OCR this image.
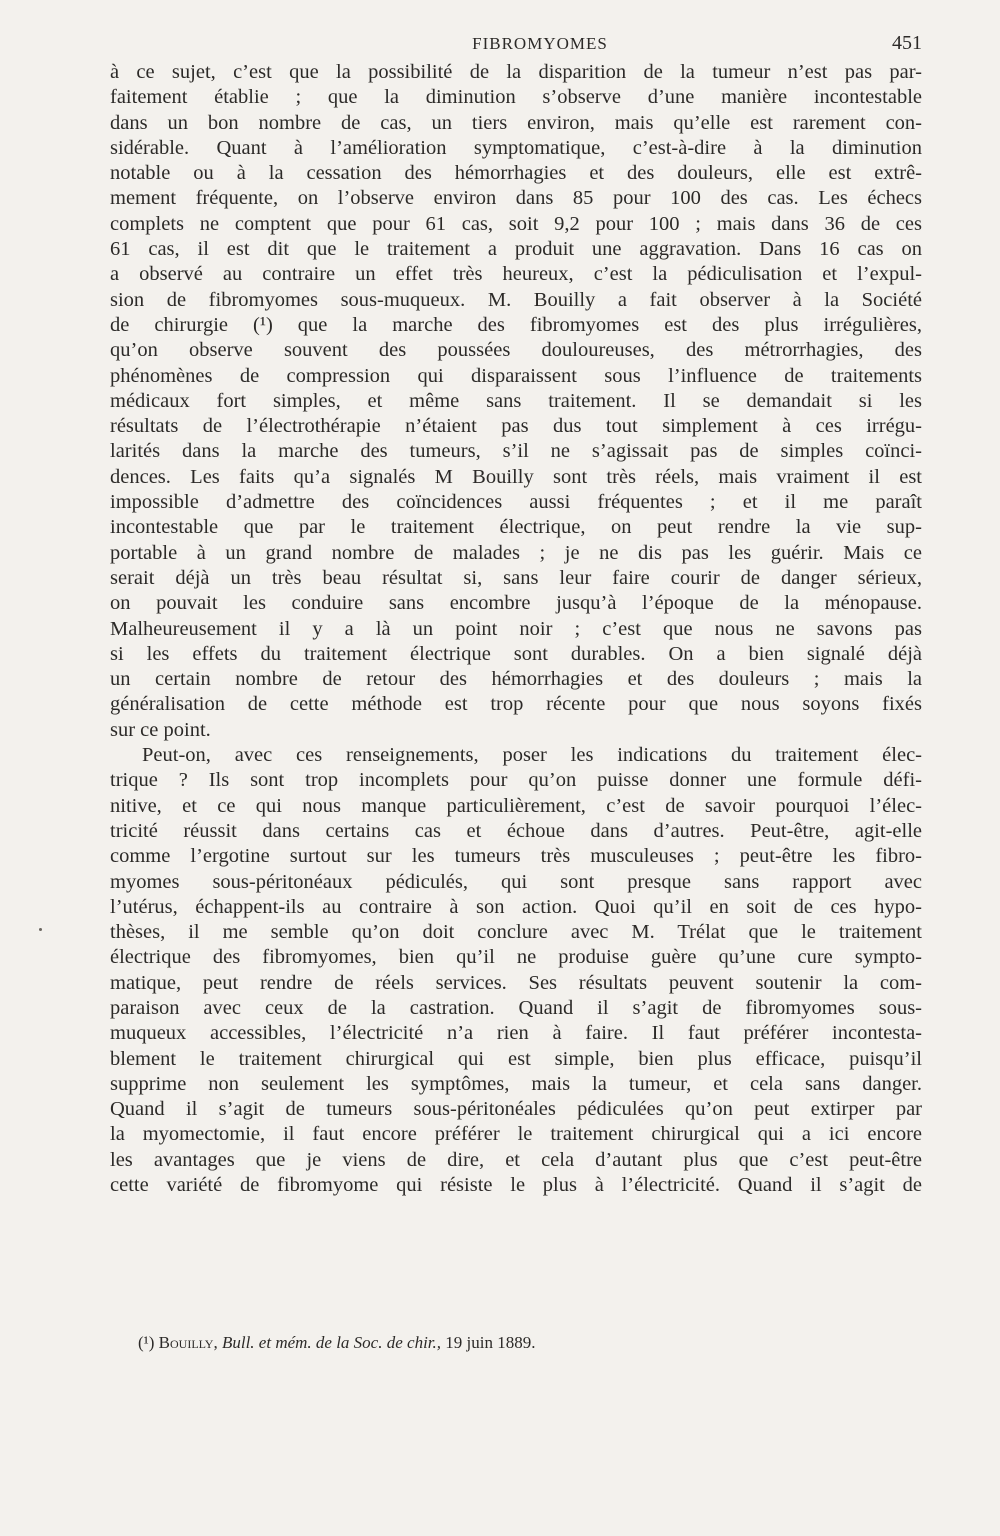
FIBROMYOMES	451
à ce sujet, c’est que la possibilité de la disparition de la tumeur n’est pas par-
faitement établie ; que la diminution s’observe d’une manière incontestable
dans un bon nombre de cas, un tiers environ, mais qu’elle est rarement con-
sidérable. Quant à l’amélioration symptomatique, c’est-à-dire à la diminution
notable ou à la cessation des hémorrhagies et des douleurs, elle est extrê-
mement fréquente, on l’observe environ dans 85 pour 100 des cas. Les échecs
complets ne comptent que pour 61 cas, soit 9,2 pour 100 ; mais dans 36 de ces
61 cas, il est dit que le traitement a produit une aggravation. Dans 16 cas on
a observé au contraire un effet très heureux, c’est la pédiculisation et l’expul-
sion de fibromyomes sous-muqueux. M. Bouilly a fait observer à la Société
de chirurgie (¹) que la marche des fibromyomes est des plus irrégulières,
qu’on observe souvent des poussées douloureuses, des métrorrhagies, des
phénomènes de compression qui disparaissent sous l’influence de traitements
médicaux fort simples, et même sans traitement. Il se demandait si les
résultats de l’électrothérapie n’étaient pas dus tout simplement à ces irrégu-
larités dans la marche des tumeurs, s’il ne s’agissait pas de simples coïnci-
dences. Les faits qu’a signalés M Bouilly sont très réels, mais vraiment il est
impossible d’admettre des coïncidences aussi fréquentes ; et il me paraît
incontestable que par le traitement électrique, on peut rendre la vie sup-
portable à un grand nombre de malades ; je ne dis pas les guérir. Mais ce
serait déjà un très beau résultat si, sans leur faire courir de danger sérieux,
on pouvait les conduire sans encombre jusqu’à l’époque de la ménopause.
Malheureusement il y a là un point noir ; c’est que nous ne savons pas
si les effets du traitement électrique sont durables. On a bien signalé déjà
un certain nombre de retour des hémorrhagies et des douleurs ; mais la
généralisation de cette méthode est trop récente pour que nous soyons fixés
sur ce point.
Peut-on, avec ces renseignements, poser les indications du traitement élec-
trique ? Ils sont trop incomplets pour qu’on puisse donner une formule défi-
nitive, et ce qui nous manque particulièrement, c’est de savoir pourquoi l’élec-
tricité réussit dans certains cas et échoue dans d’autres. Peut-être, agit-elle
comme l’ergotine surtout sur les tumeurs très musculeuses ; peut-être les fibro-
myomes sous-péritonéaux pédiculés, qui sont presque sans rapport avec
l’utérus, échappent-ils au contraire à son action. Quoi qu’il en soit de ces hypo-
thèses, il me semble qu’on doit conclure avec M. Trélat que le traitement
électrique des fibromyomes, bien qu’il ne produise guère qu’une cure sympto-
matique, peut rendre de réels services. Ses résultats peuvent soutenir la com-
paraison avec ceux de la castration. Quand il s’agit de fibromyomes sous-
muqueux accessibles, l’électricité n’a rien à faire. Il faut préférer incontesta-
blement le traitement chirurgical qui est simple, bien plus efficace, puisqu’il
supprime non seulement les symptômes, mais la tumeur, et cela sans danger.
Quand il s’agit de tumeurs sous-péritonéales pédiculées qu’on peut extirper par
la myomectomie, il faut encore préférer le traitement chirurgical qui a ici encore
les avantages que je viens de dire, et cela d’autant plus que c’est peut-être
cette variété de fibromyome qui résiste le plus à l’électricité. Quand il s’agit de
(¹) Bouilly, Bull. et mém. de la Soc. de chir., 19 juin 1889.
